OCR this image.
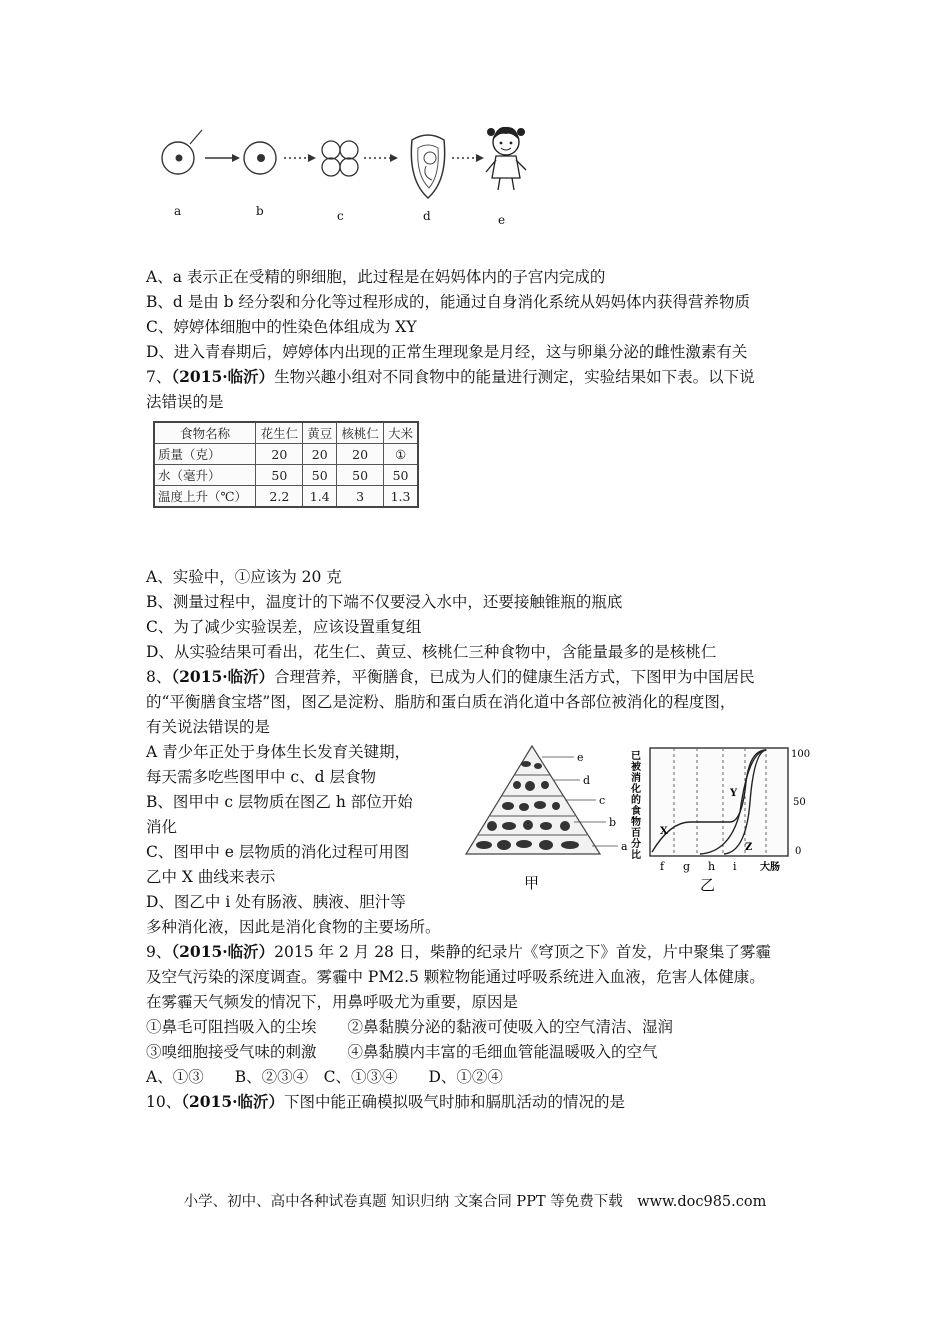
a	b	c	d	e
A、a 表示正在受精的卵细胞，此过程是在妈妈体内的子宫内完成的
B、d 是由 b 经分裂和分化等过程形成的，能通过自身消化系统从妈妈体内获得营养物质
C、婷婷体细胞中的性染色体组成为 XY
D、进入青春期后，婷婷体内出现的正常生理现象是月经，这与卵巢分泌的雌性激素有关
7、（2015·临沂）生物兴趣小组对不同食物中的能量进行测定，实验结果如下表。以下说
法错误的是
食物名称	花生仁	黄豆	核桃仁	大米
质量（克）	20	20	20	①
水（毫升）	50	50	50	50
温度上升（℃）	2.2	1.4	3	1.3
A、实验中，①应该为 20 克
B、测量过程中，温度计的下端不仅要浸入水中，还要接触锥瓶的瓶底
C、为了减少实验误差，应该设置重复组
D、从实验结果可看出，花生仁、黄豆、核桃仁三种食物中，含能量最多的是核桃仁
8、（2015·临沂）合理营养，平衡膳食，已成为人们的健康生活方式，下图甲为中国居民
的“平衡膳食宝塔”图，图乙是淀粉、脂肪和蛋白质在消化道中各部位被消化的程度图，
有关说法错误的是
A 青少年正处于身体生长发育关键期，
每天需多吃些图甲中 c、d 层食物
B、图甲中 c 层物质在图乙 h 部位开始
消化
C、图甲中 e 层物质的消化过程可用图
乙中 X 曲线来表示
D、图乙中 i 处有肠液、胰液、胆汁等
多种消化液，因此是消化食物的主要场所。
e
d
c
b
a
甲
已被消化的食物百分比 X
Y
Z
100
50
0
f g h i 大肠
乙
9、（2015·临沂）2015 年 2 月 28 日，柴静的纪录片《穹顶之下》首发，片中聚集了雾霾
及空气污染的深度调查。雾霾中 PM2.5 颗粒物能通过呼吸系统进入血液，危害人体健康。
在雾霾天气频发的情况下，用鼻呼吸尤为重要，原因是
①鼻毛可阻挡吸入的尘埃　　②鼻黏膜分泌的黏液可使吸入的空气清洁、湿润
③嗅细胞接受气味的刺激　　④鼻黏膜内丰富的毛细血管能温暖吸入的空气
A、①③　　B、②③④　C、①③④　　D、①②④
10、（2015·临沂）下图中能正确模拟吸气时肺和膈肌活动的情况的是
小学、初中、高中各种试卷真题 知识归纳 文案合同 PPT 等免费下载　www.doc985.com
